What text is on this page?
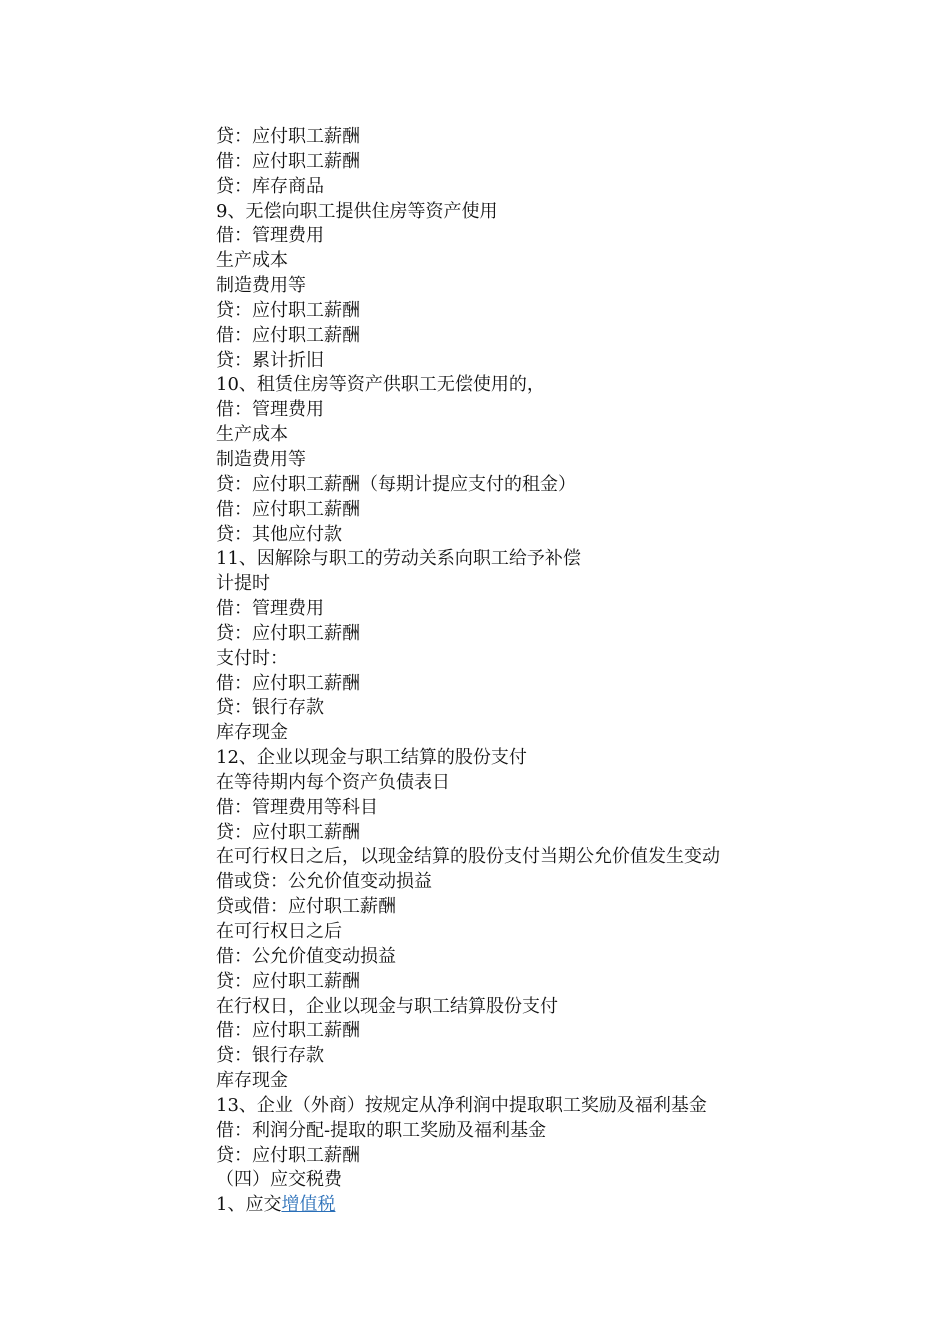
贷：应付职工薪酬
借：应付职工薪酬
贷：库存商品
9、无偿向职工提供住房等资产使用
借：管理费用
生产成本
制造费用等
贷：应付职工薪酬
借：应付职工薪酬
贷：累计折旧
10、租赁住房等资产供职工无偿使用的，
借：管理费用
生产成本
制造费用等
贷：应付职工薪酬（每期计提应支付的租金）
借：应付职工薪酬
贷：其他应付款
11、因解除与职工的劳动关系向职工给予补偿
计提时
借：管理费用
贷：应付职工薪酬
支付时：
借：应付职工薪酬
贷：银行存款
库存现金
12、企业以现金与职工结算的股份支付
在等待期内每个资产负债表日
借：管理费用等科目
贷：应付职工薪酬
在可行权日之后，以现金结算的股份支付当期公允价值发生变动
借或贷：公允价值变动损益
贷或借：应付职工薪酬
在可行权日之后
借：公允价值变动损益
贷：应付职工薪酬
在行权日，企业以现金与职工结算股份支付
借：应付职工薪酬
贷：银行存款
库存现金
13、企业（外商）按规定从净利润中提取职工奖励及福利基金
借：利润分配-提取的职工奖励及福利基金
贷：应付职工薪酬
（四）应交税费
1、应交增值税
